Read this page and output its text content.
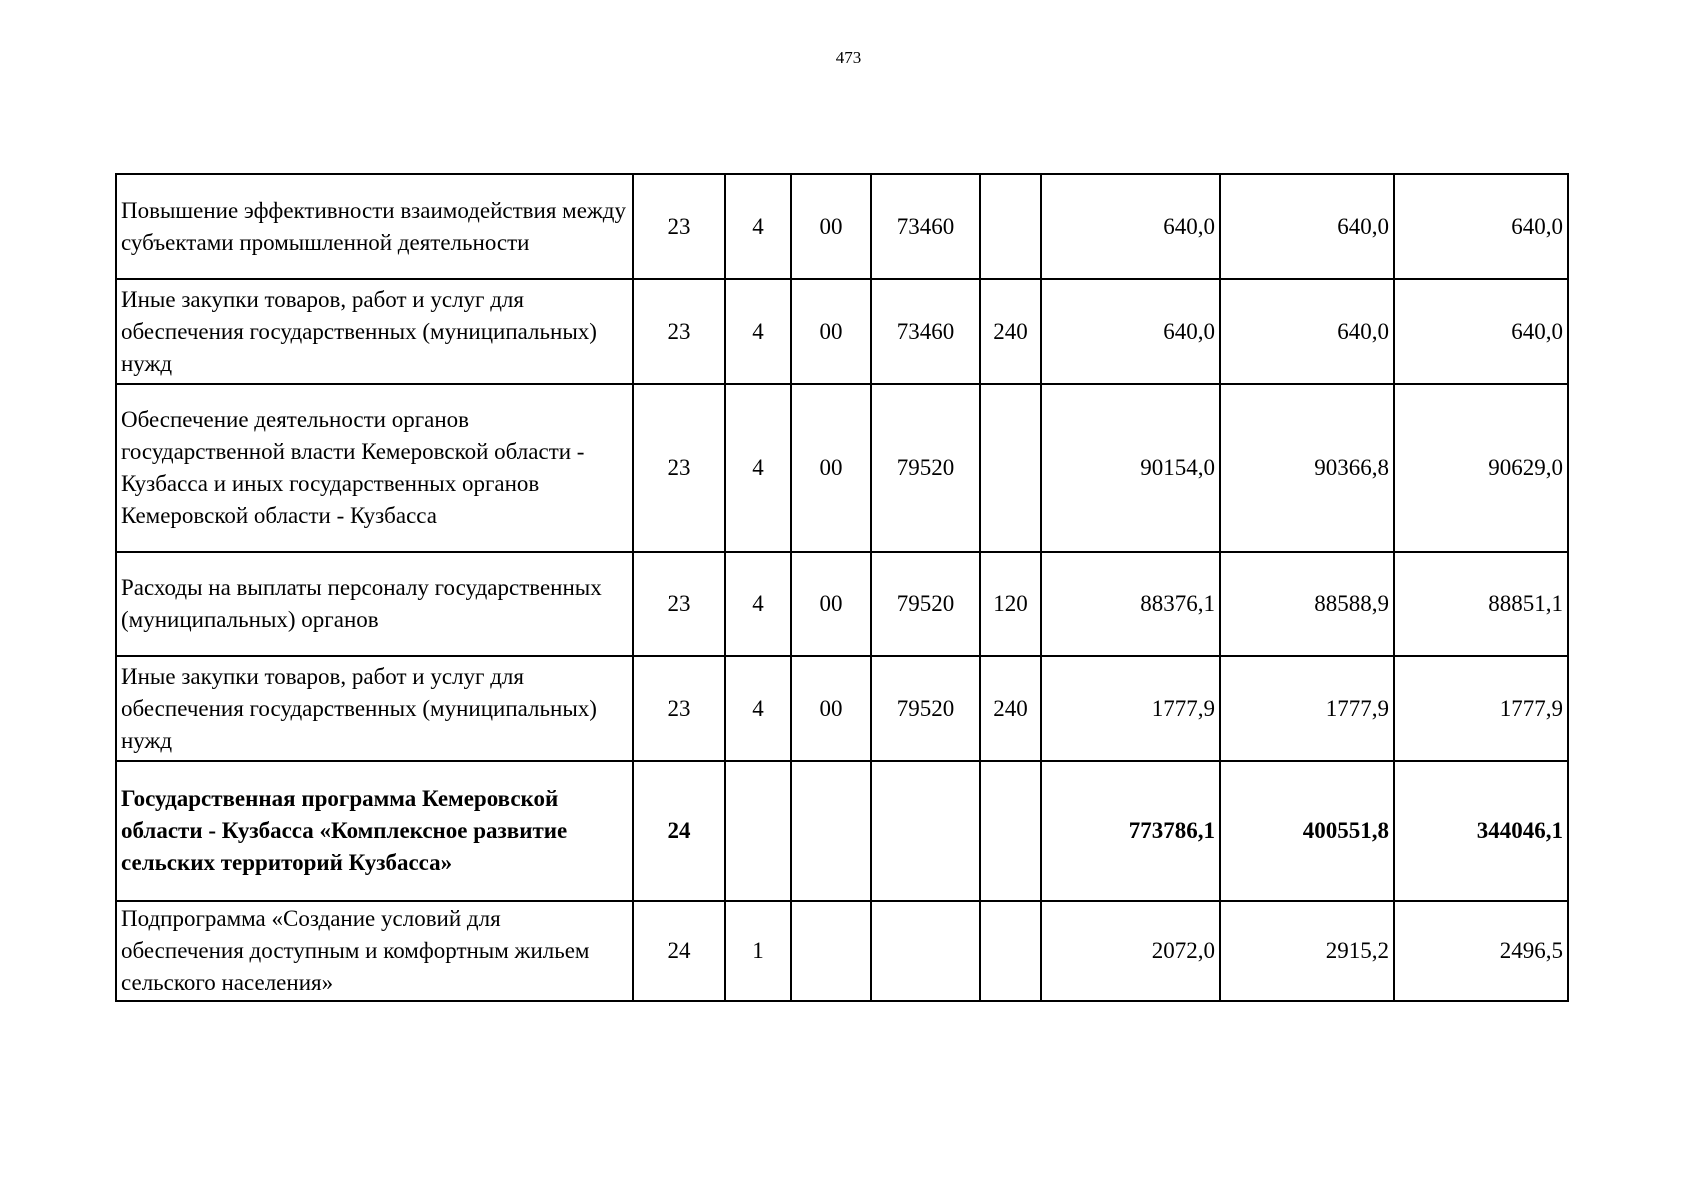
473
Повышение эффективности взаимодействия между субъектами промышленной деятельности	23	4	00	73460		640,0	640,0	640,0
Иные закупки товаров, работ и услуг для обеспечения государственных (муниципальных) нужд	23	4	00	73460	240	640,0	640,0	640,0
Обеспечение деятельности органов государственной власти Кемеровской области - Кузбасса и иных государственных органов Кемеровской области - Кузбасса	23	4	00	79520		90154,0	90366,8	90629,0
Расходы на выплаты персоналу государственных (муниципальных) органов	23	4	00	79520	120	88376,1	88588,9	88851,1
Иные закупки товаров, работ и услуг для обеспечения государственных (муниципальных) нужд	23	4	00	79520	240	1777,9	1777,9	1777,9
Государственная программа Кемеровской области - Кузбасса «Комплексное развитие сельских территорий Кузбасса»	24					773786,1	400551,8	344046,1
Подпрограмма «Создание условий для обеспечения доступным и комфортным жильем сельского населения»	24	1				2072,0	2915,2	2496,5
